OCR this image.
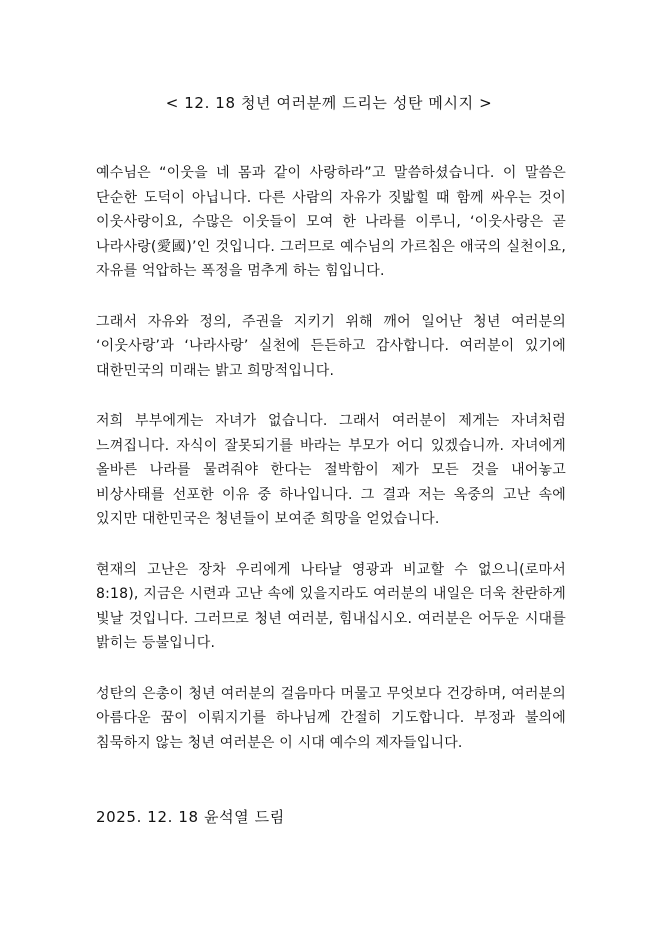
< 12. 18 청년 여러분께 드리는 성탄 메시지 >

예수님은 “이웃을 네 몸과 같이 사랑하라”고 말씀하셨습니다. 이 말씀은 단순한 도덕이 아닙니다. 다른 사람의 자유가 짓밟힐 때 함께 싸우는 것이 이웃사랑이요, 수많은 이웃들이 모여 한 나라를 이루니, ‘이웃사랑은 곧 나라사랑(愛國)’인 것입니다. 그러므로 예수님의 가르침은 애국의 실천이요, 자유를 억압하는 폭정을 멈추게 하는 힘입니다.

그래서 자유와 정의, 주권을 지키기 위해 깨어 일어난 청년 여러분의 ‘이웃사랑’과 ‘나라사랑’ 실천에 든든하고 감사합니다. 여러분이 있기에 대한민국의 미래는 밝고 희망적입니다.

저희 부부에게는 자녀가 없습니다. 그래서 여러분이 제게는 자녀처럼 느껴집니다. 자식이 잘못되기를 바라는 부모가 어디 있겠습니까. 자녀에게 올바른 나라를 물려줘야 한다는 절박함이 제가 모든 것을 내어놓고 비상사태를 선포한 이유 중 하나입니다. 그 결과 저는 옥중의 고난 속에 있지만 대한민국은 청년들이 보여준 희망을 얻었습니다.

현재의 고난은 장차 우리에게 나타날 영광과 비교할 수 없으니(로마서 8:18), 지금은 시련과 고난 속에 있을지라도 여러분의 내일은 더욱 찬란하게 빛날 것입니다. 그러므로 청년 여러분, 힘내십시오. 여러분은 어두운 시대를 밝히는 등불입니다.

성탄의 은총이 청년 여러분의 걸음마다 머물고 무엇보다 건강하며, 여러분의 아름다운 꿈이 이뤄지기를 하나님께 간절히 기도합니다. 부정과 불의에 침묵하지 않는 청년 여러분은 이 시대 예수의 제자들입니다.

2025. 12. 18 윤석열 드림
